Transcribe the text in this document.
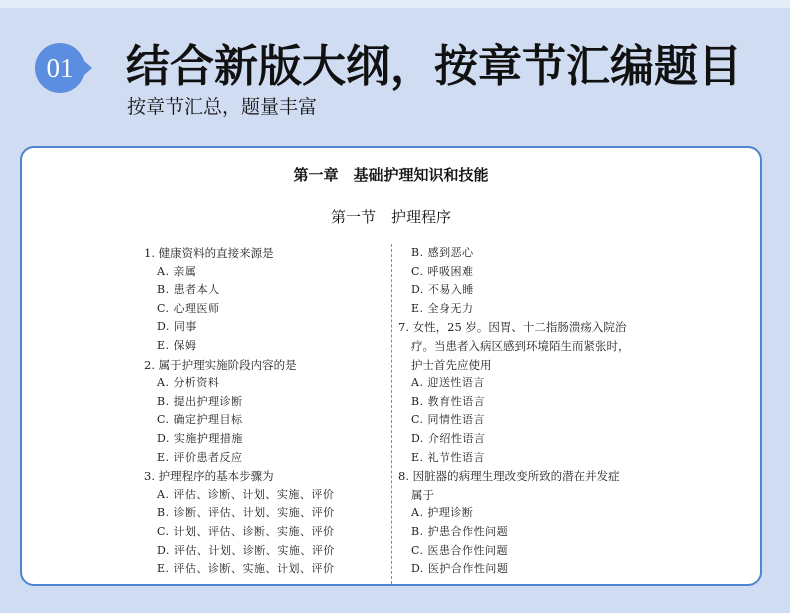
01 结合新版大纲，按章节汇编题目
按章节汇总，题量丰富
第一章　基础护理知识和技能
第一节　护理程序
1. 健康资料的直接来源是
A. 亲属
B. 患者本人
C. 心理医师
D. 同事
E. 保姆
2. 属于护理实施阶段内容的是
A. 分析资料
B. 提出护理诊断
C. 确定护理目标
D. 实施护理措施
E. 评价患者反应
3. 护理程序的基本步骤为
A. 评估、诊断、计划、实施、评价
B. 诊断、评估、计划、实施、评价
C. 计划、评估、诊断、实施、评价
D. 评估、计划、诊断、实施、评价
E. 评估、诊断、实施、计划、评价
B. 感到恶心
C. 呼吸困难
D. 不易入睡
E. 全身无力
7. 女性，25 岁。因胃、十二指肠溃疡入院治
疗。当患者入病区感到环境陌生而紧张时，
护士首先应使用
A. 迎送性语言
B. 教育性语言
C. 同情性语言
D. 介绍性语言
E. 礼节性语言
8. 因脏器的病理生理改变所致的潜在并发症
属于
A. 护理诊断
B. 护患合作性问题
C. 医患合作性问题
D. 医护合作性问题
